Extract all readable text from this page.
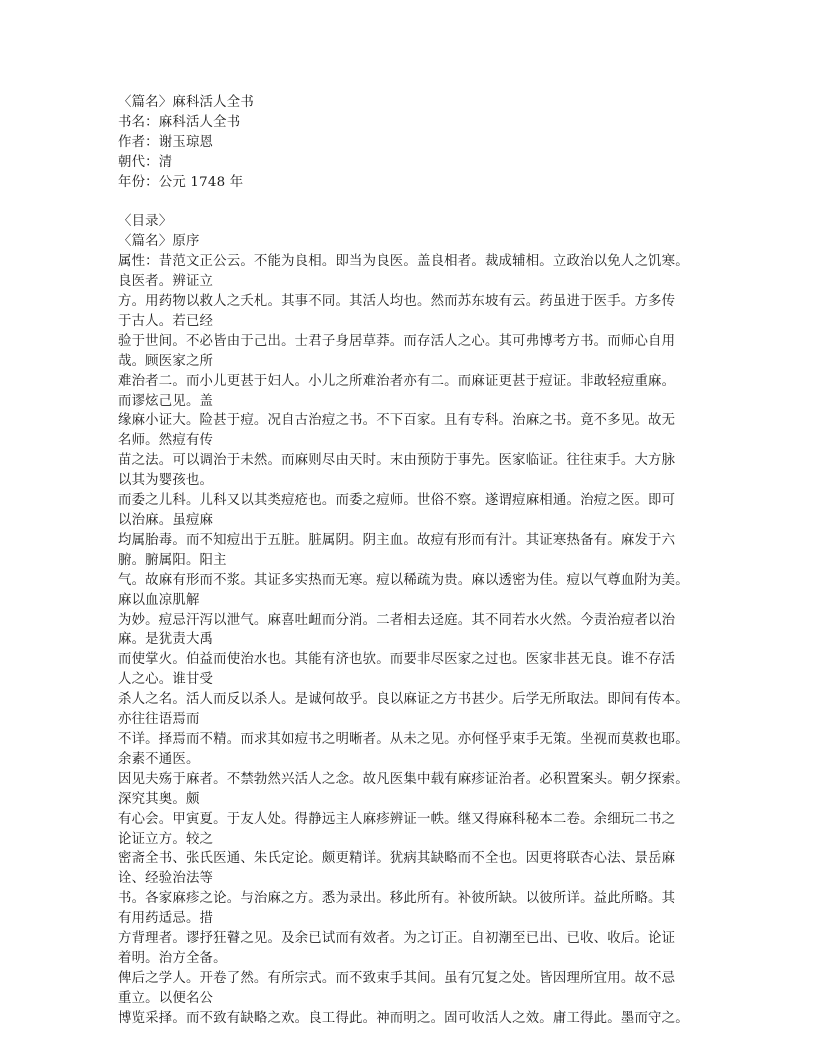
〈篇名〉麻科活人全书
书名：麻科活人全书
作者：谢玉琼恩
朝代：清
年份：公元 1748 年
〈目录〉
〈篇名〉原序
属性：昔范文正公云。不能为良相。即当为良医。盖良相者。裁成辅相。立政治以免人之饥寒。
良医者。辨证立
方。用药物以救人之夭札。其事不同。其活人均也。然而苏东坡有云。药虽进于医手。方多传
于古人。若已经
验于世间。不必皆由于己出。士君子身居草莽。而存活人之心。其可弗博考方书。而师心自用
哉。顾医家之所
难治者二。而小儿更甚于妇人。小儿之所难治者亦有二。而麻证更甚于痘证。非敢轻痘重麻。
而谬炫己见。盖
缘麻小证大。险甚于痘。况自古治痘之书。不下百家。且有专科。治麻之书。竟不多见。故无
名师。然痘有传
苗之法。可以调治于未然。而麻则尽由天时。末由预防于事先。医家临证。往往束手。大方脉
以其为婴孩也。
而委之儿科。儿科又以其类痘疮也。而委之痘师。世俗不察。遂谓痘麻相通。治痘之医。即可
以治麻。虽痘麻
均属胎毒。而不知痘出于五脏。脏属阴。阴主血。故痘有形而有汁。其证寒热备有。麻发于六
腑。腑属阳。阳主
气。故麻有形而不浆。其证多实热而无寒。痘以稀疏为贵。麻以透密为佳。痘以气尊血附为美。
麻以血凉肌解
为妙。痘忌汗泻以泄气。麻喜吐衄而分消。二者相去迳庭。其不同若水火然。今责治痘者以治
麻。是犹责大禹
而使掌火。伯益而使治水也。其能有济也欤。而要非尽医家之过也。医家非甚无良。谁不存活
人之心。谁甘受
杀人之名。活人而反以杀人。是诚何故乎。良以麻证之方书甚少。后学无所取法。即间有传本。
亦往往语焉而
不详。择焉而不精。而求其如痘书之明晰者。从未之见。亦何怪乎束手无策。坐视而莫救也耶。
余素不通医。
因见夫殇于麻者。不禁勃然兴活人之念。故凡医集中载有麻疹证治者。必积置案头。朝夕探索。
深究其奥。颇
有心会。甲寅夏。于友人处。得静远主人麻疹辨证一帙。继又得麻科秘本二卷。余细玩二书之
论证立方。较之
密斋全书、张氏医通、朱氏定论。颇更精详。犹病其缺略而不全也。因更将联杏心法、景岳麻
诠、经验治法等
书。各家麻疹之论。与治麻之方。悉为录出。移此所有。补彼所缺。以彼所详。益此所略。其
有用药适忌。措
方背理者。谬抒狂瞽之见。及余已试而有效者。为之订正。自初潮至已出、已收、收后。论证
着明。治方全备。
俾后之学人。开卷了然。有所宗式。而不致束手其间。虽有冗复之处。皆因理所宜用。故不忌
重立。以便名公
博览采择。而不致有缺略之欢。良工得此。神而明之。固可收活人之效。庸工得此。墨而守之。
